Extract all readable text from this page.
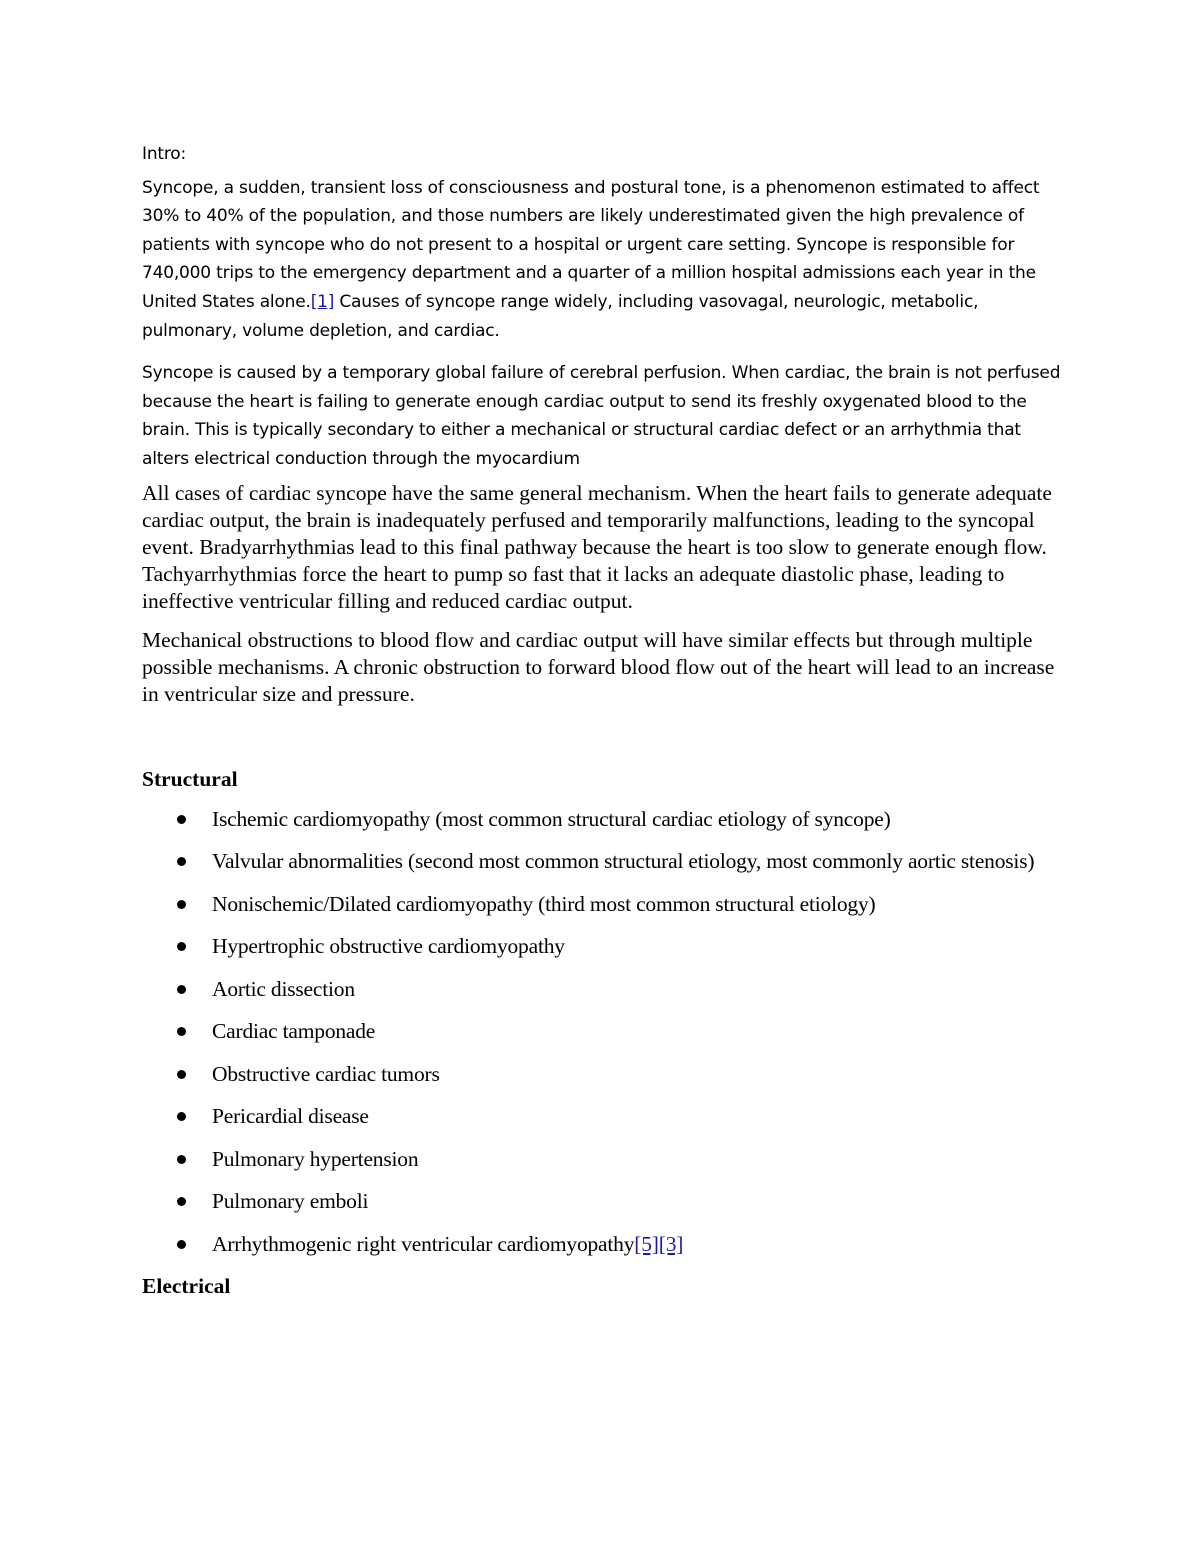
Intro:

Syncope, a sudden, transient loss of consciousness and postural tone, is a phenomenon estimated to affect 30% to 40% of the population, and those numbers are likely underestimated given the high prevalence of patients with syncope who do not present to a hospital or urgent care setting. Syncope is responsible for 740,000 trips to the emergency department and a quarter of a million hospital admissions each year in the United States alone.[1] Causes of syncope range widely, including vasovagal, neurologic, metabolic, pulmonary, volume depletion, and cardiac.

Syncope is caused by a temporary global failure of cerebral perfusion. When cardiac, the brain is not perfused because the heart is failing to generate enough cardiac output to send its freshly oxygenated blood to the brain. This is typically secondary to either a mechanical or structural cardiac defect or an arrhythmia that alters electrical conduction through the myocardium

All cases of cardiac syncope have the same general mechanism. When the heart fails to generate adequate cardiac output, the brain is inadequately perfused and temporarily malfunctions, leading to the syncopal event. Bradyarrhythmias lead to this final pathway because the heart is too slow to generate enough flow. Tachyarrhythmias force the heart to pump so fast that it lacks an adequate diastolic phase, leading to ineffective ventricular filling and reduced cardiac output.

Mechanical obstructions to blood flow and cardiac output will have similar effects but through multiple possible mechanisms. A chronic obstruction to forward blood flow out of the heart will lead to an increase in ventricular size and pressure.

Structural
Ischemic cardiomyopathy (most common structural cardiac etiology of syncope)
Valvular abnormalities (second most common structural etiology, most commonly aortic stenosis)
Nonischemic/Dilated cardiomyopathy (third most common structural etiology)
Hypertrophic obstructive cardiomyopathy
Aortic dissection
Cardiac tamponade
Obstructive cardiac tumors
Pericardial disease
Pulmonary hypertension
Pulmonary emboli
Arrhythmogenic right ventricular cardiomyopathy[5][3]
Electrical
